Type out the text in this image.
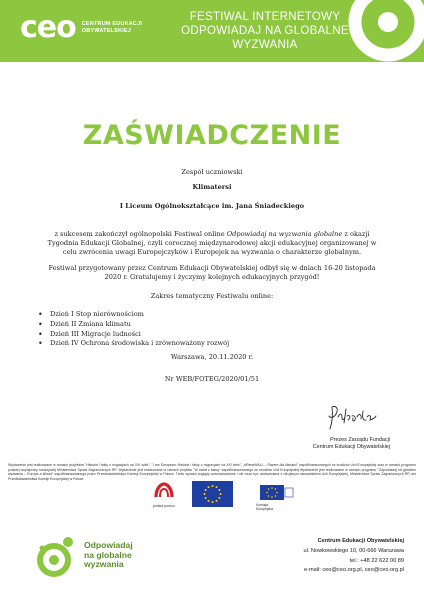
ceo CENTRUM EDUKACJI OBYWATELSKIEJ
FESTIWAL INTERNETOWY
ODPOWIADAJ NA GLOBALNE
WYZWANIA
ZAŚWIADCZENIE
Zespół uczniowski
Klimatersi
I Liceum Ogólnokształcące im. Jana Śniadeckiego
z sukcesem zakończył ogólnopolski Festiwal online Odpowiadaj na wyzwania globalne z okazji
Tygodnia Edukacji Globalnej, czyli corocznej międzynarodowej akcji edukacyjnej organizowanej w
celu zwrócenia uwagi Europejczyków i Europejek na wyzwania o charakterze globalnym.
Festiwal przygotowany przez Centrum Edukacji Obywatelskiej odbył się w dniach 16-20 listopada
2020 r. Gratulujemy i życzymy kolejnych edukacyjnych przygód!
Zakres tematyczny Festiwalu online:
• Dzień I Stop nierównościom
• Dzień II Zmiana klimatu
• Dzień III Migracje ludności
• Dzień IV Ochrona środowiska i zrównoważony rozwój
Warszawa, 20.11.2020 r.
Nr WEB/FOTEG/2020/01/51
Prezes Zarządu Fundacji
Centrum Edukacji Obywatelskiej
Wydarzenie jest realizowane w ramach projektów "Historie i fakty o migracjach na XXI wiek", "I am European: Historie i fakty o migracjach na XXI wiek", „#ReneWALL – Razem dla klimatu!" współfinansowanych ze środków Unii Europejskiej oraz w ramach programu polskiej współpracy rozwojowej Ministerstwa Spraw Zagranicznych RP. Wydarzenie jest realizowane w ramach projektu "W świat z klasą" współfinansowanego ze środków Unii Europejskiej.Wydarzenie jest realizowane w ramach programu "Odpowiadaj na globalne wyzwania – Europa a klimat" współfinansowanego przez Przedstawicielstwo Komisji Europejskiej w Polsce. Treść wyraża poglądy autorów/autorek i nie musi być utożsamiana z oficjalnym stanowiskiem Unii Europejskiej, Ministerstwa Spraw Zagranicznych RP, ani Przedstawicielstwa Komisji Europejskiej w Polsce.
polska pomoc	Komisja
Europejska
Odpowiadaj
na globalne
wyzwania
Centrum Edukacji Obywatelskiej
ul. Nowkowskiego 10, 00-666 Warszawa
tel.: +48 22 622 00 89
e-mail: ceo@ceo.org.pl, ceo@ceo.org.pl
